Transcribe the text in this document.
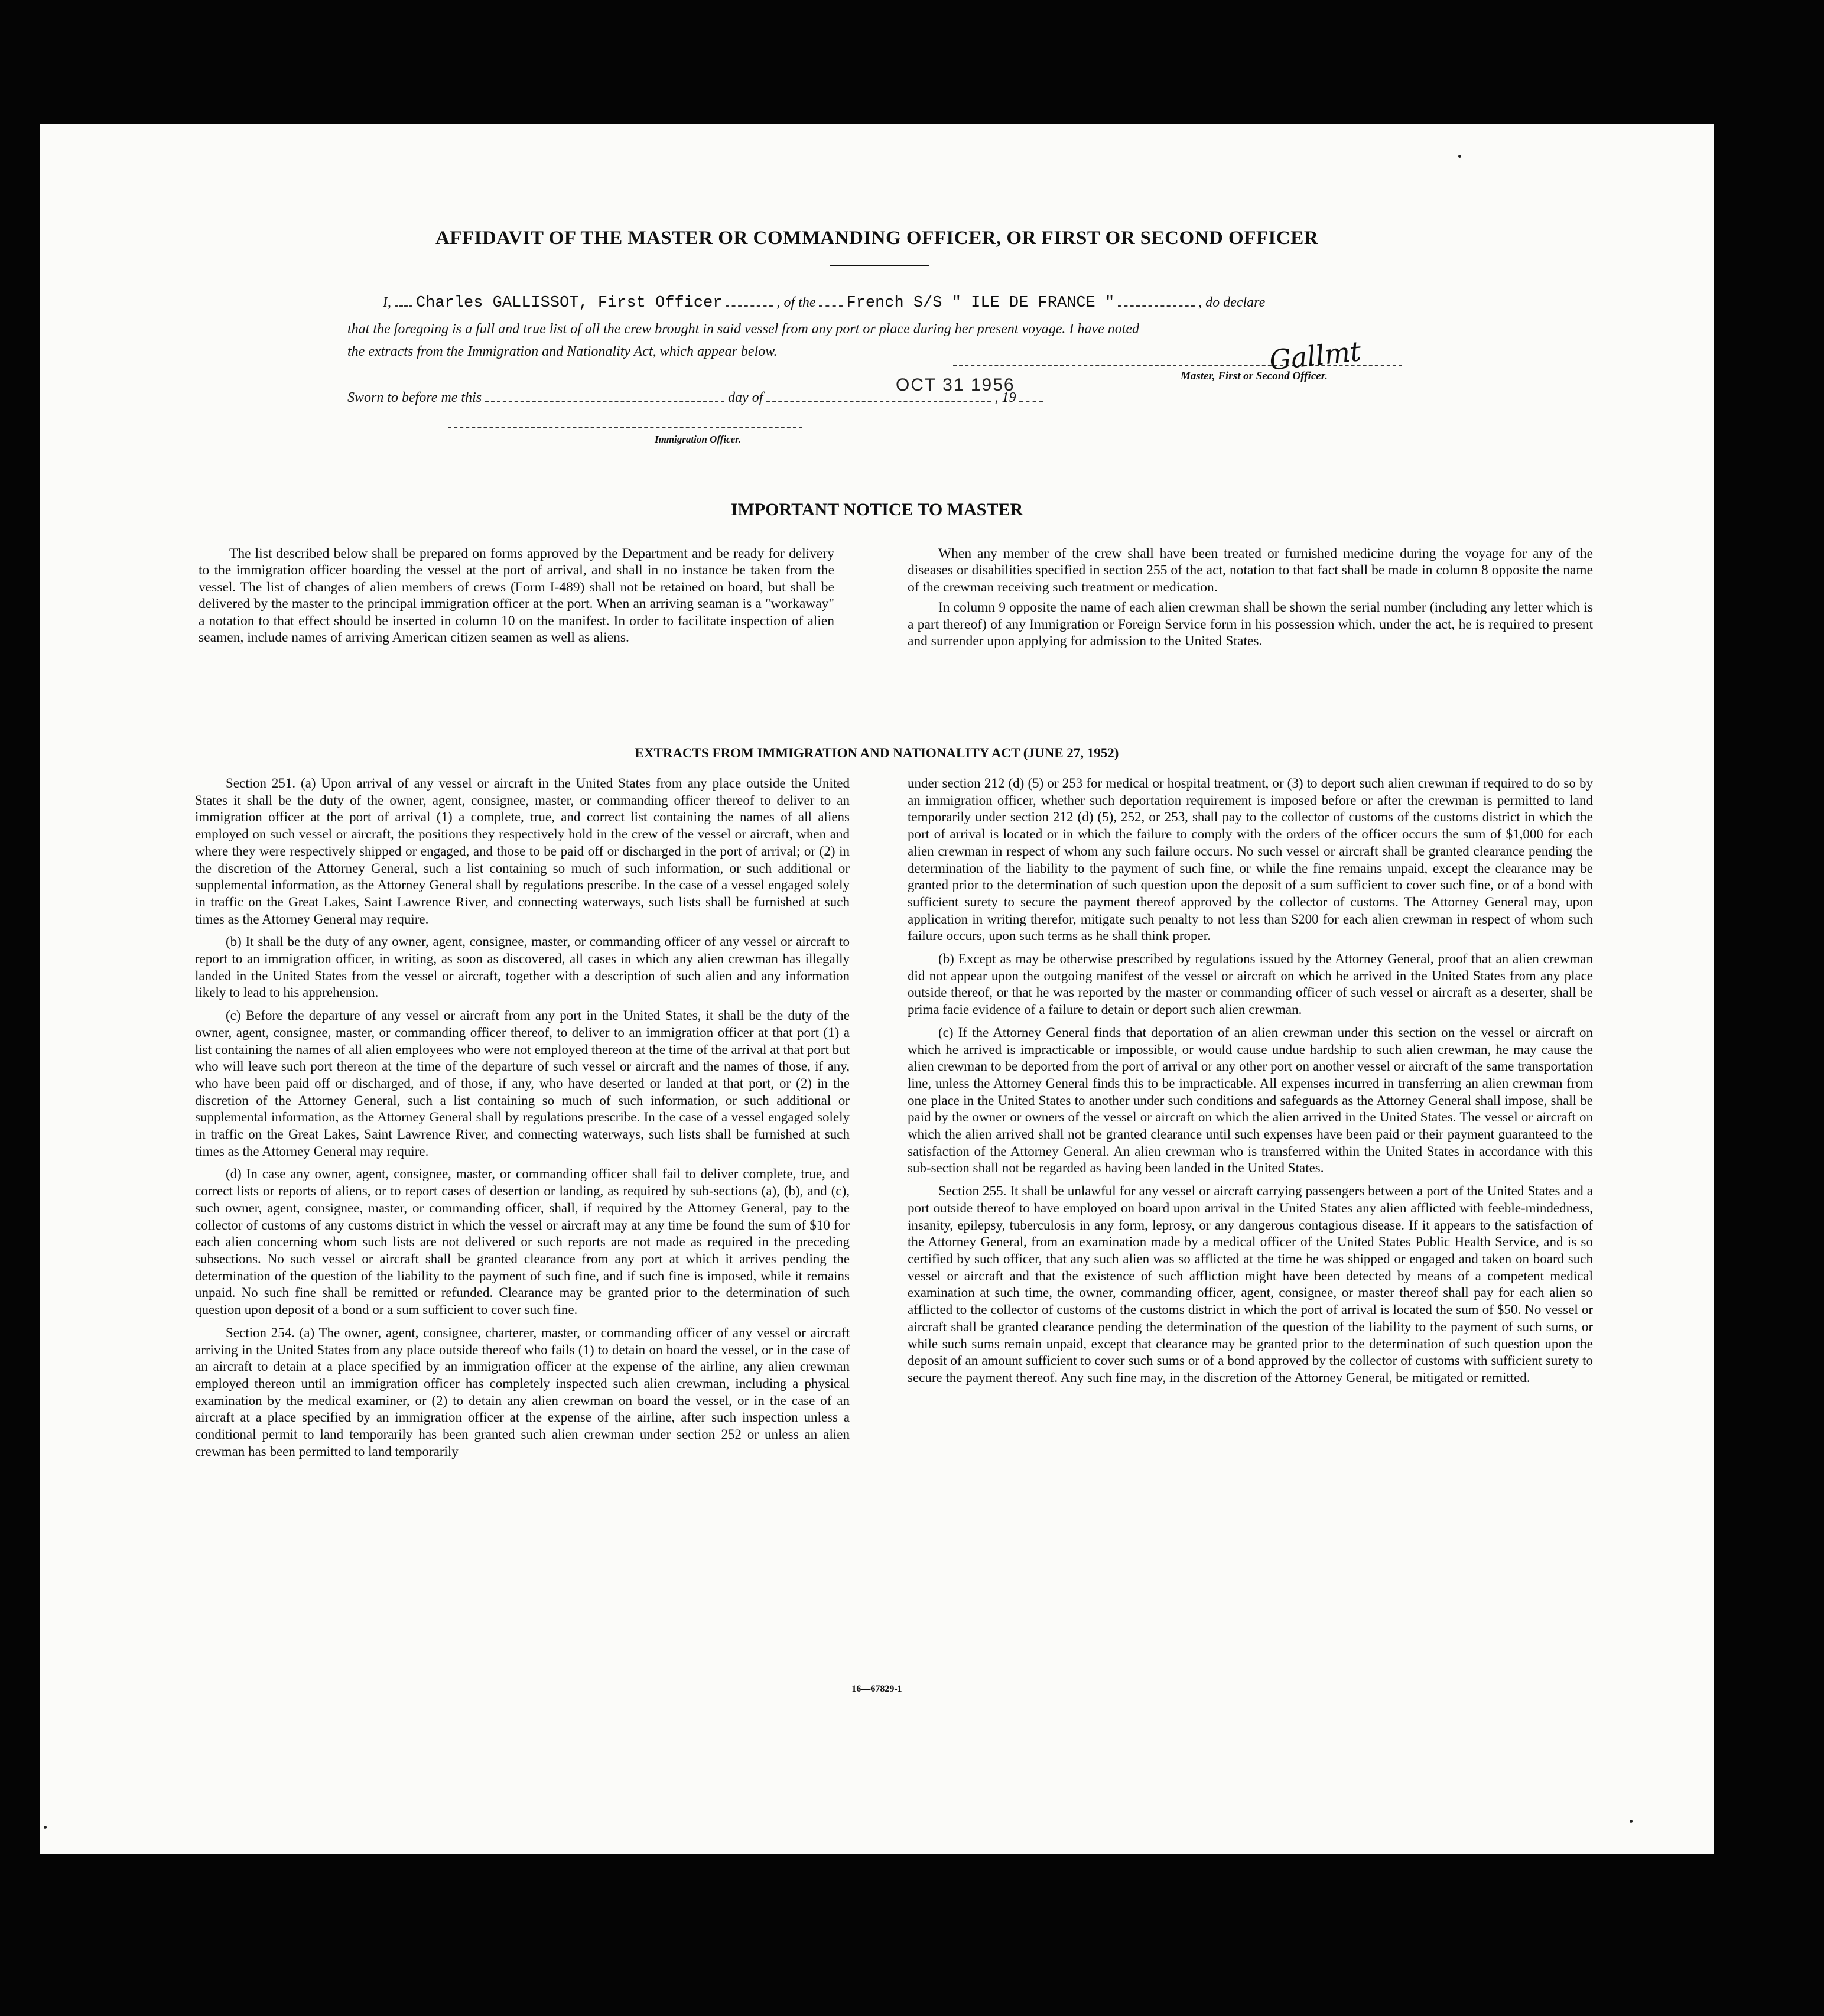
AFFIDAVIT OF THE MASTER OR COMMANDING OFFICER, OR FIRST OR SECOND OFFICER
I, Charles GALLISSOT, First Officer	, of the French S/S " ILE DE FRANCE "	, do declare
that the foregoing is a full and true list of all the crew brought in said vessel from any port or place during her present voyage. I have noted
the extracts from the Immigration and Nationality Act, which appear below.	Gallmt
Master, First or Second Officer.
Sworn to before me this	day of	, 19
OCT 31 1956
Immigration Officer.
IMPORTANT NOTICE TO MASTER

The list described below shall be prepared on forms approved by the Department and be ready for delivery to the immigration officer boarding the vessel at the port of arrival, and shall in no instance be taken from the vessel. The list of changes of alien members of crews (Form I-489) shall not be retained on board, but shall be delivered by the master to the principal immigration officer at the port. When an arriving seaman is a "workaway" a notation to that effect should be inserted in column 10 on the manifest. In order to facilitate inspection of alien seamen, include names of arriving American citizen seamen as well as aliens.

When any member of the crew shall have been treated or furnished medicine during the voyage for any of the diseases or disabilities specified in section 255 of the act, notation to that fact shall be made in column 8 opposite the name of the crewman receiving such treatment or medication.

In column 9 opposite the name of each alien crewman shall be shown the serial number (including any letter which is a part thereof) of any Immigration or Foreign Service form in his possession which, under the act, he is required to present and surrender upon applying for admission to the United States.

EXTRACTS FROM IMMIGRATION AND NATIONALITY ACT (JUNE 27, 1952)

Section 251. (a) Upon arrival of any vessel or aircraft in the United States from any place outside the United States it shall be the duty of the owner, agent, consignee, master, or commanding officer thereof to deliver to an immigration officer at the port of arrival (1) a complete, true, and correct list containing the names of all aliens employed on such vessel or aircraft, the positions they respectively hold in the crew of the vessel or aircraft, when and where they were respectively shipped or engaged, and those to be paid off or discharged in the port of arrival; or (2) in the discretion of the Attorney General, such a list containing so much of such information, or such additional or supplemental information, as the Attorney General shall by regulations prescribe. In the case of a vessel engaged solely in traffic on the Great Lakes, Saint Lawrence River, and connecting waterways, such lists shall be furnished at such times as the Attorney General may require.

(b) It shall be the duty of any owner, agent, consignee, master, or commanding officer of any vessel or aircraft to report to an immigration officer, in writing, as soon as discovered, all cases in which any alien crewman has illegally landed in the United States from the vessel or aircraft, together with a description of such alien and any information likely to lead to his apprehension.

(c) Before the departure of any vessel or aircraft from any port in the United States, it shall be the duty of the owner, agent, consignee, master, or commanding officer thereof, to deliver to an immigration officer at that port (1) a list containing the names of all alien employees who were not employed thereon at the time of the arrival at that port but who will leave such port thereon at the time of the departure of such vessel or aircraft and the names of those, if any, who have been paid off or discharged, and of those, if any, who have deserted or landed at that port, or (2) in the discretion of the Attorney General, such a list containing so much of such information, or such additional or supplemental information, as the Attorney General shall by regulations prescribe. In the case of a vessel engaged solely in traffic on the Great Lakes, Saint Lawrence River, and connecting waterways, such lists shall be furnished at such times as the Attorney General may require.

(d) In case any owner, agent, consignee, master, or commanding officer shall fail to deliver complete, true, and correct lists or reports of aliens, or to report cases of desertion or landing, as required by sub-sections (a), (b), and (c), such owner, agent, consignee, master, or commanding officer, shall, if required by the Attorney General, pay to the collector of customs of any customs district in which the vessel or aircraft may at any time be found the sum of $10 for each alien concerning whom such lists are not delivered or such reports are not made as required in the preceding subsections. No such vessel or aircraft shall be granted clearance from any port at which it arrives pending the determination of the question of the liability to the payment of such fine, and if such fine is imposed, while it remains unpaid. No such fine shall be remitted or refunded. Clearance may be granted prior to the determination of such question upon deposit of a bond or a sum sufficient to cover such fine.

Section 254. (a) The owner, agent, consignee, charterer, master, or commanding officer of any vessel or aircraft arriving in the United States from any place outside thereof who fails (1) to detain on board the vessel, or in the case of an aircraft to detain at a place specified by an immigration officer at the expense of the airline, any alien crewman employed thereon until an immigration officer has completely inspected such alien crewman, including a physical examination by the medical examiner, or (2) to detain any alien crewman on board the vessel, or in the case of an aircraft at a place specified by an immigration officer at the expense of the airline, after such inspection unless a conditional permit to land temporarily has been granted such alien crewman under section 252 or unless an alien crewman has been permitted to land temporarily

under section 212 (d) (5) or 253 for medical or hospital treatment, or (3) to deport such alien crewman if required to do so by an immigration officer, whether such deportation requirement is imposed before or after the crewman is permitted to land temporarily under section 212 (d) (5), 252, or 253, shall pay to the collector of customs of the customs district in which the port of arrival is located or in which the failure to comply with the orders of the officer occurs the sum of $1,000 for each alien crewman in respect of whom any such failure occurs. No such vessel or aircraft shall be granted clearance pending the determination of the liability to the payment of such fine, or while the fine remains unpaid, except the clearance may be granted prior to the determination of such question upon the deposit of a sum sufficient to cover such fine, or of a bond with sufficient surety to secure the payment thereof approved by the collector of customs. The Attorney General may, upon application in writing therefor, mitigate such penalty to not less than $200 for each alien crewman in respect of whom such failure occurs, upon such terms as he shall think proper.

(b) Except as may be otherwise prescribed by regulations issued by the Attorney General, proof that an alien crewman did not appear upon the outgoing manifest of the vessel or aircraft on which he arrived in the United States from any place outside thereof, or that he was reported by the master or commanding officer of such vessel or aircraft as a deserter, shall be prima facie evidence of a failure to detain or deport such alien crewman.

(c) If the Attorney General finds that deportation of an alien crewman under this section on the vessel or aircraft on which he arrived is impracticable or impossible, or would cause undue hardship to such alien crewman, he may cause the alien crewman to be deported from the port of arrival or any other port on another vessel or aircraft of the same transportation line, unless the Attorney General finds this to be impracticable. All expenses incurred in transferring an alien crewman from one place in the United States to another under such conditions and safeguards as the Attorney General shall impose, shall be paid by the owner or owners of the vessel or aircraft on which the alien arrived in the United States. The vessel or aircraft on which the alien arrived shall not be granted clearance until such expenses have been paid or their payment guaranteed to the satisfaction of the Attorney General. An alien crewman who is transferred within the United States in accordance with this sub-section shall not be regarded as having been landed in the United States.

Section 255. It shall be unlawful for any vessel or aircraft carrying passengers between a port of the United States and a port outside thereof to have employed on board upon arrival in the United States any alien afflicted with feeble-mindedness, insanity, epilepsy, tuberculosis in any form, leprosy, or any dangerous contagious disease. If it appears to the satisfaction of the Attorney General, from an examination made by a medical officer of the United States Public Health Service, and is so certified by such officer, that any such alien was so afflicted at the time he was shipped or engaged and taken on board such vessel or aircraft and that the existence of such affliction might have been detected by means of a competent medical examination at such time, the owner, commanding officer, agent, consignee, or master thereof shall pay for each alien so afflicted to the collector of customs of the customs district in which the port of arrival is located the sum of $50. No vessel or aircraft shall be granted clearance pending the determination of the question of the liability to the payment of such sums, or while such sums remain unpaid, except that clearance may be granted prior to the determination of such question upon the deposit of an amount sufficient to cover such sums or of a bond approved by the collector of customs with sufficient surety to secure the payment thereof. Any such fine may, in the discretion of the Attorney General, be mitigated or remitted.

16—67829-1
